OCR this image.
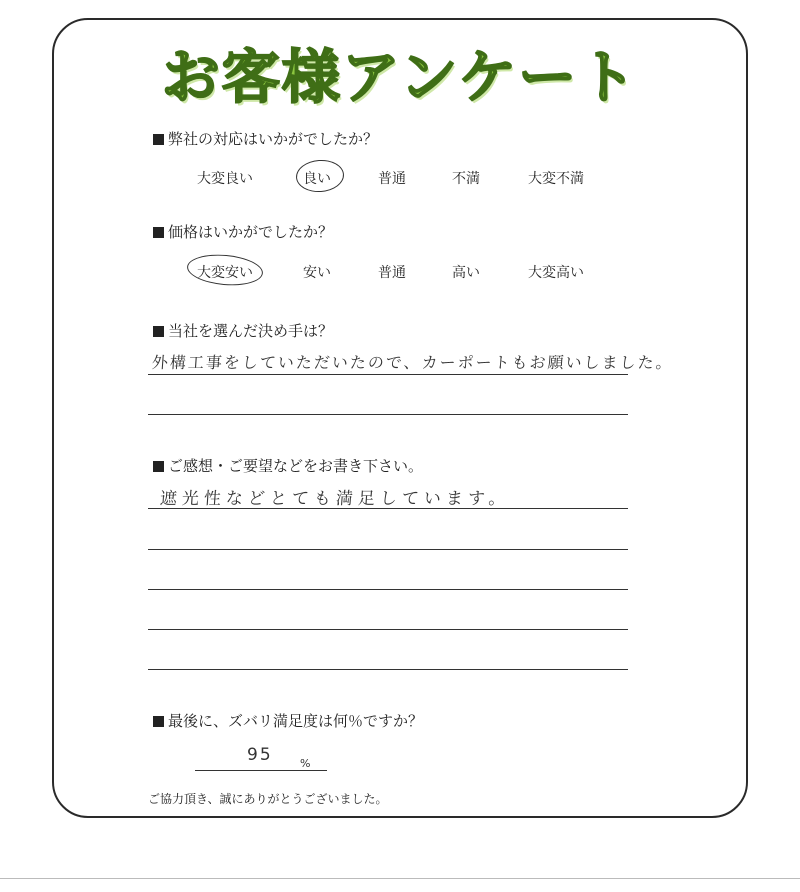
お客様アンケート
弊社の対応はいかがでしたか？
大変良い	良い	普通	不満	大変不満
価格はいかがでしたか？
大変安い	安い	普通	高い	大変高い
当社を選んだ決め手は？
外構工事をしていただいたので、カーポートもお願いしました。
ご感想・ご要望などをお書き下さい。
遮光性などとても満足しています。
最後に、ズバリ満足度は何％ですか？
95 %
ご協力頂き、誠にありがとうございました。
